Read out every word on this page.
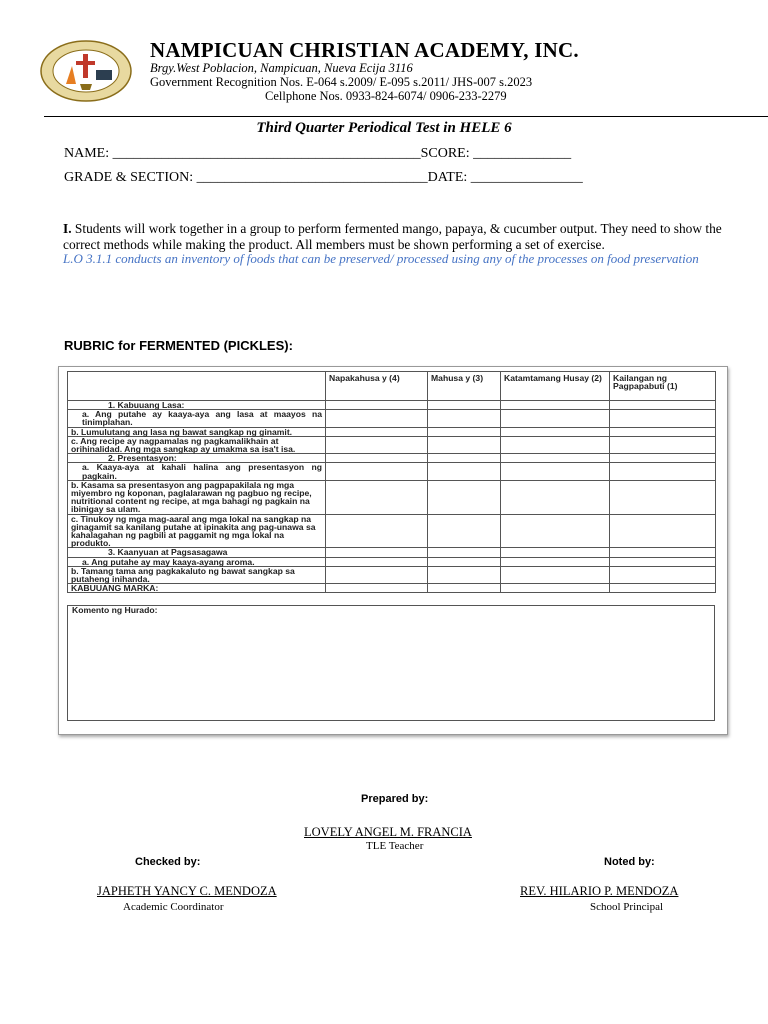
NAMPICUAN CHRISTIAN ACADEMY, INC.
Brgy.West Poblacion, Nampicuan, Nueva Ecija 3116
Government Recognition Nos. E-064 s.2009/ E-095 s.2011/ JHS-007 s.2023
Cellphone Nos. 0933-824-6074/ 0906-233-2279
Third Quarter Periodical Test in HELE 6
NAME: ____________________________________________SCORE: ______________
GRADE & SECTION: _________________________________DATE: ________________
I. Students will work together in a group to perform fermented mango, papaya, & cucumber output. They need to show the correct methods while making the product. All members must be shown performing a set of exercise.
L.O 3.1.1 conducts an inventory of foods that can be preserved/ processed using any of the processes on food preservation
RUBRIC for FERMENTED (PICKLES):
	Napakahusa y (4)	Mahusa y (3)	Katamtamang Husay (2)	Kailangan ng Pagpapabuti (1)
1. Kabuuang Lasa:				
a. Ang putahe ay kaaya-aya ang lasa at maayos na tinimplahan.				
b. Lumulutang ang lasa ng bawat sangkap ng ginamit.				
c. Ang recipe ay nagpamalas ng pagkamalikhain at orihinalidad. Ang mga sangkap ay umakma sa isa't isa.				
2. Presentasyon:				
a. Kaaya-aya at kahali halina ang presentasyon ng pagkain.				
b. Kasama sa presentasyon ang pagpapakilala ng mga miyembro ng koponan, paglalarawan ng pagbuo ng recipe, nutritional content ng recipe, at mga bahagi ng pagkain na ibinigay sa ulam.				
c. Tinukoy ng mga mag-aaral ang mga lokal na sangkap na ginagamit sa kanilang putahe at ipinakita ang pag-unawa sa kahalagahan ng pagbili at paggamit ng mga lokal na produkto.				
3. Kaanyuan at Pagsasagawa				
a. Ang putahe ay may kaaya-ayang aroma.				
b. Tamang tama ang pagkakaluto ng bawat sangkap sa putaheng inihanda.				
KABUUANG MARKA:				
Komento ng Hurado:
Prepared by:
LOVELY ANGEL M. FRANCIA
TLE Teacher
Checked by:	Noted by:
JAPHETH YANCY C. MENDOZA
Academic Coordinator
REV. HILARIO P. MENDOZA
School Principal
